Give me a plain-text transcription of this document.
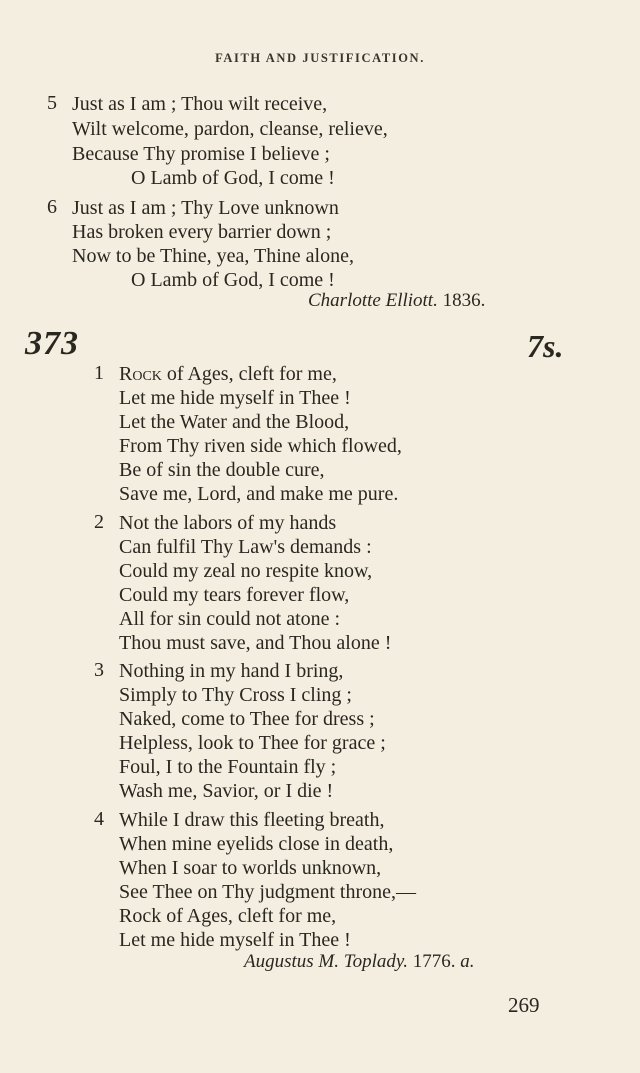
FAITH AND JUSTIFICATION.
5 Just as I am ; Thou wilt receive,
Wilt welcome, pardon, cleanse, relieve,
Because Thy promise I believe ;
O Lamb of God, I come !
6 Just as I am ; Thy Love unknown
Has broken every barrier down ;
Now to be Thine, yea, Thine alone,
O Lamb of God, I come !
Charlotte Elliott. 1836.
373	7s.
1 Rock of Ages, cleft for me,
Let me hide myself in Thee !
Let the Water and the Blood,
From Thy riven side which flowed,
Be of sin the double cure,
Save me, Lord, and make me pure.
2 Not the labors of my hands
Can fulfil Thy Law's demands :
Could my zeal no respite know,
Could my tears forever flow,
All for sin could not atone :
Thou must save, and Thou alone !
3 Nothing in my hand I bring,
Simply to Thy Cross I cling ;
Naked, come to Thee for dress ;
Helpless, look to Thee for grace ;
Foul, I to the Fountain fly ;
Wash me, Savior, or I die !
4 While I draw this fleeting breath,
When mine eyelids close in death,
When I soar to worlds unknown,
See Thee on Thy judgment throne,—
Rock of Ages, cleft for me,
Let me hide myself in Thee !
Augustus M. Toplady. 1776. a.
269
